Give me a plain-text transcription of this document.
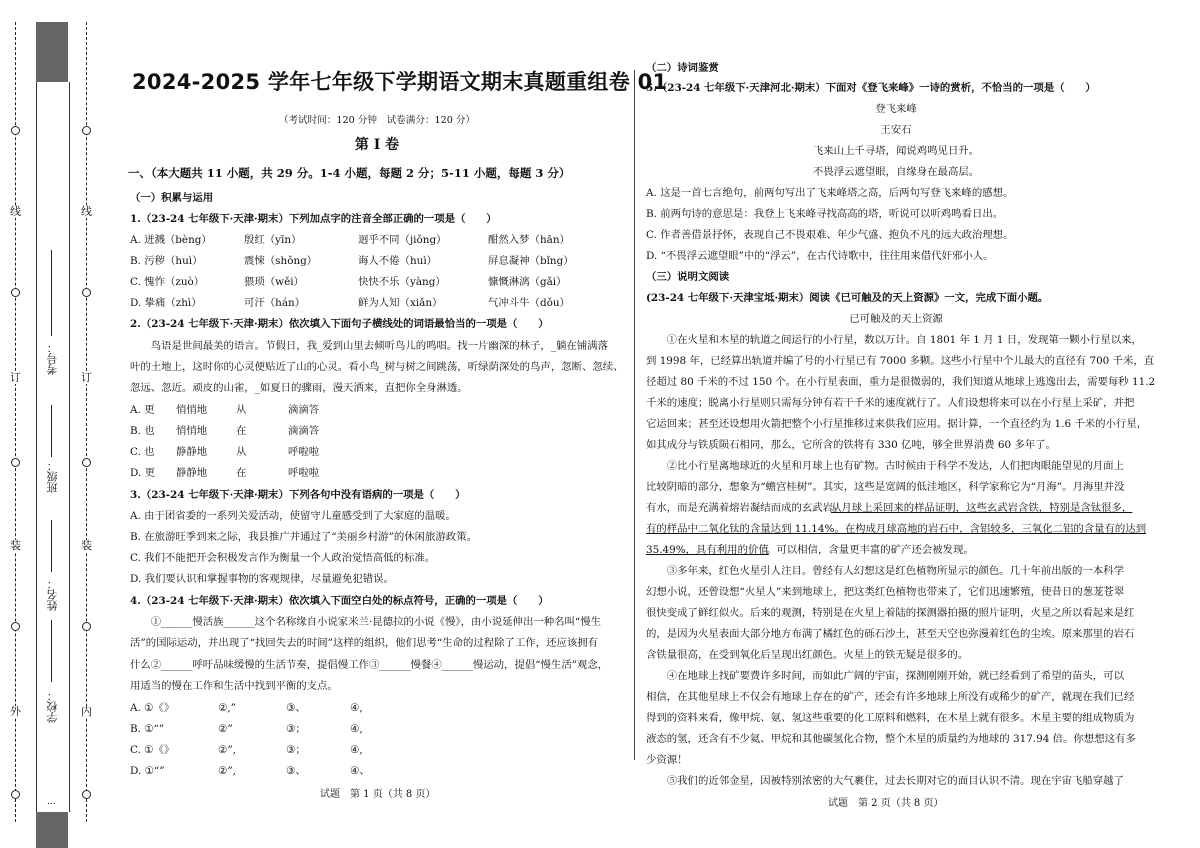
线
订
装
外
线
订
装
内
学校：
姓名：
班级：
考号：
...
2024-2025 学年七年级下学期语文期末真题重组卷 01
（考试时间：120 分钟　试卷满分：120 分）
第 Ⅰ 卷
一、（本大题共 11 小题，共 29 分。1-4 小题，每题 2 分；5-11 小题，每题 3 分）
（一）积累与运用
1.（23-24 七年级下·天津·期末）下列加点字的注音全部正确的一项是（　　）
A. 迸溅（bèng）	殷红（yīn）	迥乎不同（jiǒng）	酣然入梦（hān）
B. 污秽（huì）	震悚（shǒng）	诲人不倦（huì）	屏息凝神（bǐng）
C. 愧怍（zuò）	猥琐（wěi）	快快不乐（yàng）	慷慨淋漓（gǎi）
D. 挚痛（zhì）	可汗（hán）	鲜为人知（xiǎn）	气冲斗牛（dǒu）
2.（23-24 七年级下·天津·期末）依次填入下面句子横线处的词语最恰当的一项是（　　）
　　鸟语是世间最美的语言。节假日，我_爱到山里去倾听鸟儿的鸣唱。找一片幽深的林子，_躺在铺满落
叶的土地上，这时你的心灵便贴近了山的心灵。看小鸟_树与树之间跳荡，听绿荫深处的鸟声，忽断、忽续、
忽远、忽近。顽皮的山雀，_如夏日的骤雨，漫天洒来，直把你全身淋透。
A. 更 悄悄地	从	滴滴答
B. 也 悄悄地	在	滴滴答
C. 也 静静地	从	呼啦啦
D. 更 静静地	在	呼啦啦
3.（23-24 七年级下·天津·期末）下列各句中没有语病的一项是（　　）
A. 由于团省委的一系列关爱活动，使留守儿童感受到了大家庭的温暖。
B. 在旅游旺季到来之际，我县推广并通过了“美丽乡村游”的休闲旅游政策。
C. 我们不能把开会积极发言作为衡量一个人政治觉悟高低的标准。
D. 我们要认识和掌握事物的客观规律，尽量避免犯错误。
4.（23-24 七年级下·天津·期末）依次填入下面空白处的标点符号，正确的一项是（　　）
　　①______慢活族______这个名称缘自小说家米兰·昆德拉的小说《慢》，由小说延伸出一种名叫“慢生
活”的国际运动，并出现了“找回失去的时间”这样的组织，他们思考“生命的过程除了工作，还应该拥有
什么②______呼吁品味缓慢的生活节奏，提倡慢工作③______慢餐④______慢运动，提倡“慢生活”观念，
用适当的慢在工作和生活中找到平衡的支点。
A. ①《》	②,”	③、	④,
B. ①“”	②”	③；	④,
C. ①《》	②”,	③；	④,
D. ①“”	②”,	③、	④、
试题　第 1 页（共 8 页）
（二）诗词鉴赏
5.（23-24 七年级下·天津河北·期末）下面对《登飞来峰》一诗的赏析，不恰当的一项是（　　）
登飞来峰
王安石
飞来山上千寻塔，闻说鸡鸣见日升。
不畏浮云遮望眼，自缘身在最高层。
A. 这是一首七言绝句，前两句写出了飞来峰塔之高，后两句写登飞来峰的感想。
B. 前两句诗的意思是：我登上飞来峰寻找高高的塔，听说可以听鸡鸣看日出。
C. 作者善借景抒怀，表现自己不畏艰难、年少气盛、抱负不凡的远大政治理想。
D. “不畏浮云遮望眼”中的“浮云”，在古代诗歌中，往往用来借代奸邪小人。
（三）说明文阅读
(23-24 七年级下·天津宝坻·期末）阅读《已可触及的天上资源》一文，完成下面小题。
已可触及的天上资源
　　①在火星和木星的轨道之间运行的小行星，数以万计。自 1801 年 1 月 1 日，发现第一颗小行星以来，
到 1998 年，已经算出轨道并编了号的小行星已有 7000 多颗。这些小行星中个儿最大的直径有 700 千米，直
径超过 80 千米的不过 150 个。在小行星表面，重力是很微弱的，我们知道从地球上逃逸出去，需要每秒 11.2
千米的速度；脱离小行星则只需每分钟有若干千米的速度就行了。人们设想将来可以在小行星上采矿，并把
它运回来；甚至还设想用火箭把整个小行星推移过来供我们应用。据计算，一个直径约为 1.6 千米的小行星，
如其成分与铁质陨石相同，那么，它所含的铁将有 330 亿吨，够全世界消费 60 多年了。
　　②比小行星离地球近的火星和月球上也有矿物。古时候由于科学不发达，人们把肉眼能望见的月面上
比较阴暗的部分，想象为“蟾宫桂树”。其实，这些是宽阔的低洼地区，科学家称它为“月海”。月海里并没
有水，而是充满着熔岩凝结而成的玄武岩。
从月球上采回来的样品证明，这些玄武岩含铁，特别是含钛很多，
有的样品中二氧化钛的含量达到 11.14%。在构成月球高地的岩石中，含铝较多，三氧化二铝的含量有的达到
35.49%，具有利用的价值
。可以相信，含量更丰富的矿产还会被发现。
　　③多年来，红色火星引人注目。曾经有人幻想这是红色植物所显示的颜色。几十年前出版的一本科学
幻想小说，还曾设想“火星人”来到地球上，把这类红色植物也带来了，它们迅速繁殖，使昔日的葱茏苍翠
很快变成了鲜红似火。后来的观测，特别是在火星上着陆的探测器拍摄的照片证明，火星之所以看起来是红
的，是因为火星表面大部分地方布满了橘红色的砾石沙土，甚至天空也弥漫着红色的尘埃。原来那里的岩石
含铁量很高，在受到氧化后呈现出红颜色。火星上的铁无疑是很多的。
　　④在地球上找矿要费许多时间，而如此广阔的宇宙，探测刚刚开始，就已经看到了希望的苗头，可以
相信，在其他星球上不仅会有地球上存在的矿产，还会有许多地球上所没有或稀少的矿产，就现在我们已经
得到的资料来看，像甲烷、氨、氢这些重要的化工原料和燃料，在木星上就有很多。木星主要的组成物质为
液态的氢，还含有不少氦、甲烷和其他碳氢化合物，整个木星的质量约为地球的 317.94 倍。你想想这有多
少资源！
　　⑤我们的近邻金星，因被特别浓密的大气裹住，过去长期对它的面目认识不清。现在宇宙飞船穿越了
试题　第 2 页（共 8 页）
